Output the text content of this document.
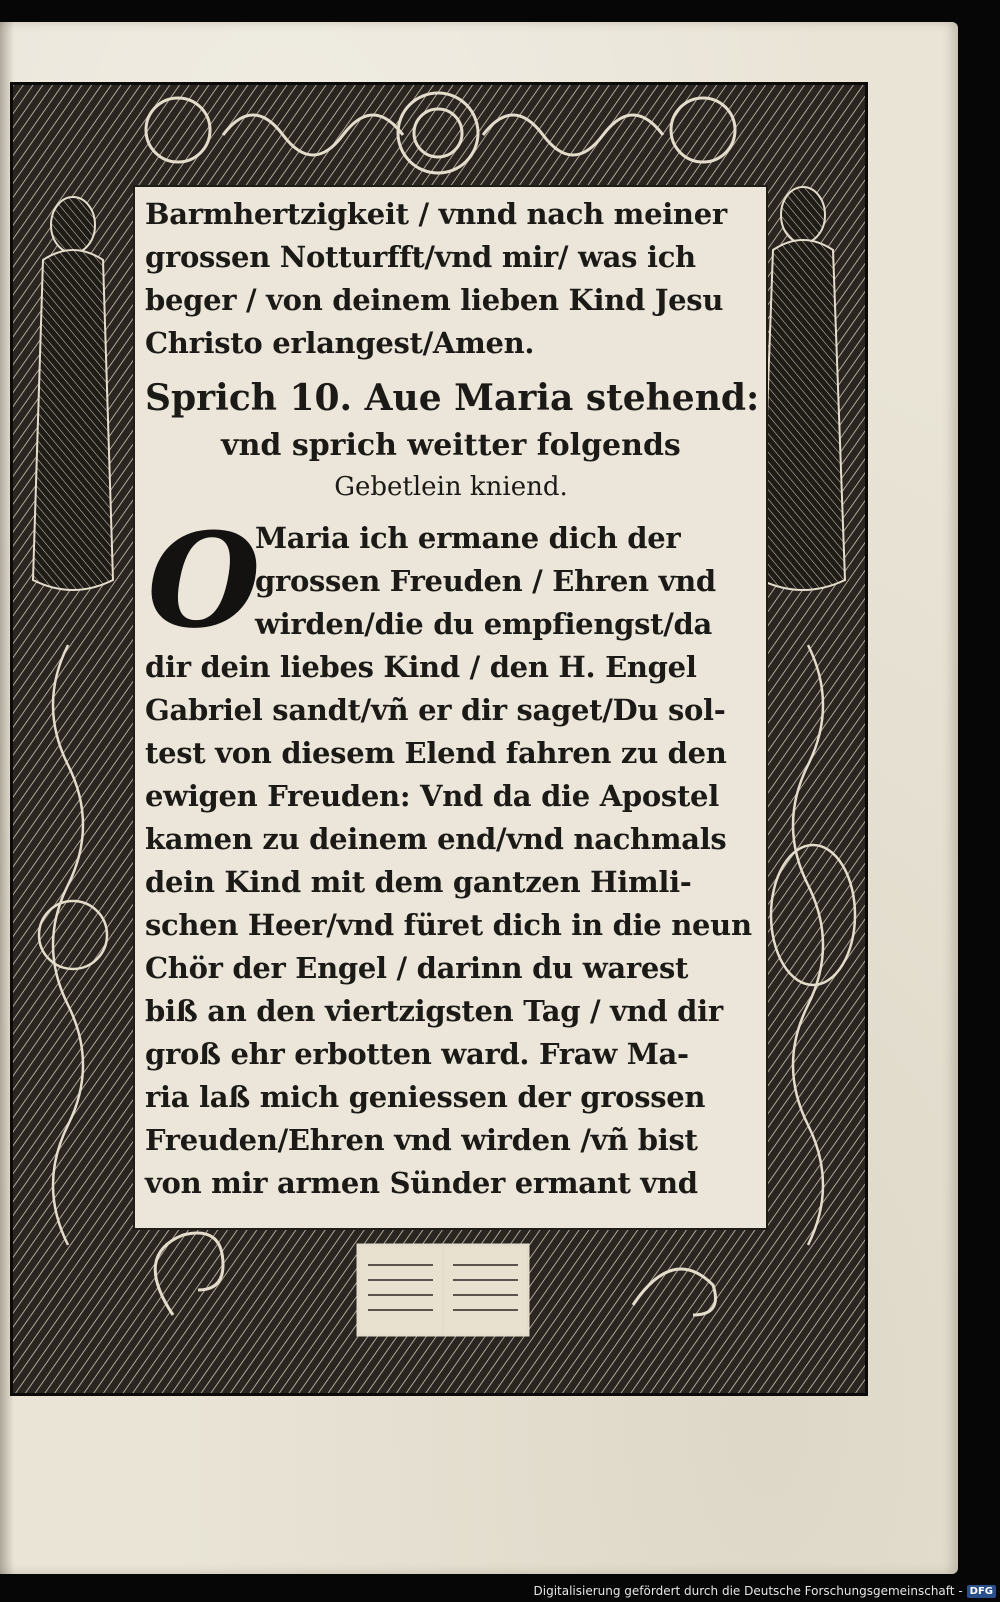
Barmhertzigkeit / vnnd nach meiner
grossen Notturfft/vnd mir/ was ich
beger / von deinem lieben Kind Jesu
Christo erlangest/Amen.
Sprich 10. Aue Maria stehend:
vnd sprich weitter folgends
Gebetlein kniend.
O
Maria ich ermane dich der
grossen Freuden / Ehren vnd
wirden/die du empfiengst/da
dir dein liebes Kind / den H. Engel
Gabriel sandt/vñ er dir saget/Du sol-
test von diesem Elend fahren zu den
ewigen Freuden: Vnd da die Apostel
kamen zu deinem end/vnd nachmals
dein Kind mit dem gantzen Himli-
schen Heer/vnd füret dich in die neun
Chör der Engel / darinn du warest
biß an den viertzigsten Tag / vnd dir
groß ehr erbotten ward. Fraw Ma-
ria laß mich geniessen der grossen
Freuden/Ehren vnd wirden /vñ bist
von mir armen Sünder ermant vnd
Digitalisierung gefördert durch die Deutsche Forschungsgemeinschaft - DFG
